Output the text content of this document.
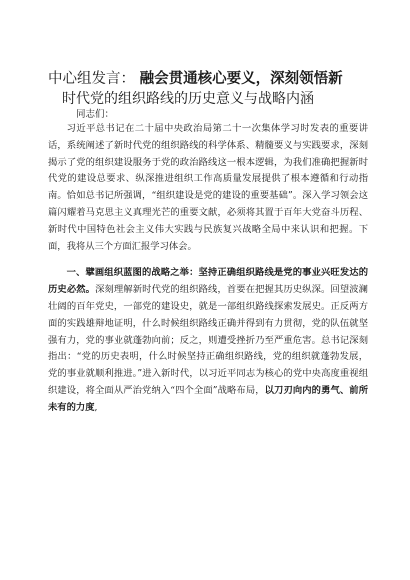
中心组发言： 融会贯通核心要义，深刻领悟新
时代党的组织路线的历史意义与战略内涵
同志们：

习近平总书记在二十届中央政治局第二十一次集体学习时发表的重要讲话，系统阐述了新时代党的组织路线的科学体系、精髓要义与实践要求，深刻揭示了党的组织建设服务于党的政治路线这一根本逻辑，为我们准确把握新时代党的建设总要求、纵深推进组织工作高质量发展提供了根本遵循和行动指南。恰如总书记所强调，“组织建设是党的建设的重要基础”。深入学习领会这篇闪耀着马克思主义真理光芒的重要文献，必须将其置于百年大党奋斗历程、新时代中国特色社会主义伟大实践与民族复兴战略全局中来认识和把握。下面，我将从三个方面汇报学习体会。

一、擘画组织蓝图的战略之举：坚持正确组织路线是党的事业兴旺发达的历史必然。深刻理解新时代党的组织路线，首要在把握其历史纵深。回望波澜壮阔的百年党史，一部党的建设史，就是一部组织路线探索发展史。正反两方面的实践雄辩地证明，什么时候组织路线正确并得到有力贯彻，党的队伍就坚强有力，党的事业就蓬勃向前；反之，则遭受挫折乃至严重危害。总书记深刻指出：“党的历史表明，什么时候坚持正确组织路线，党的组织就蓬勃发展，党的事业就顺利推进。”进入新时代，以习近平同志为核心的党中央高度重视组织建设，将全面从严治党纳入“四个全面”战略布局，以刀刃向内的勇气、前所未有的力度,
